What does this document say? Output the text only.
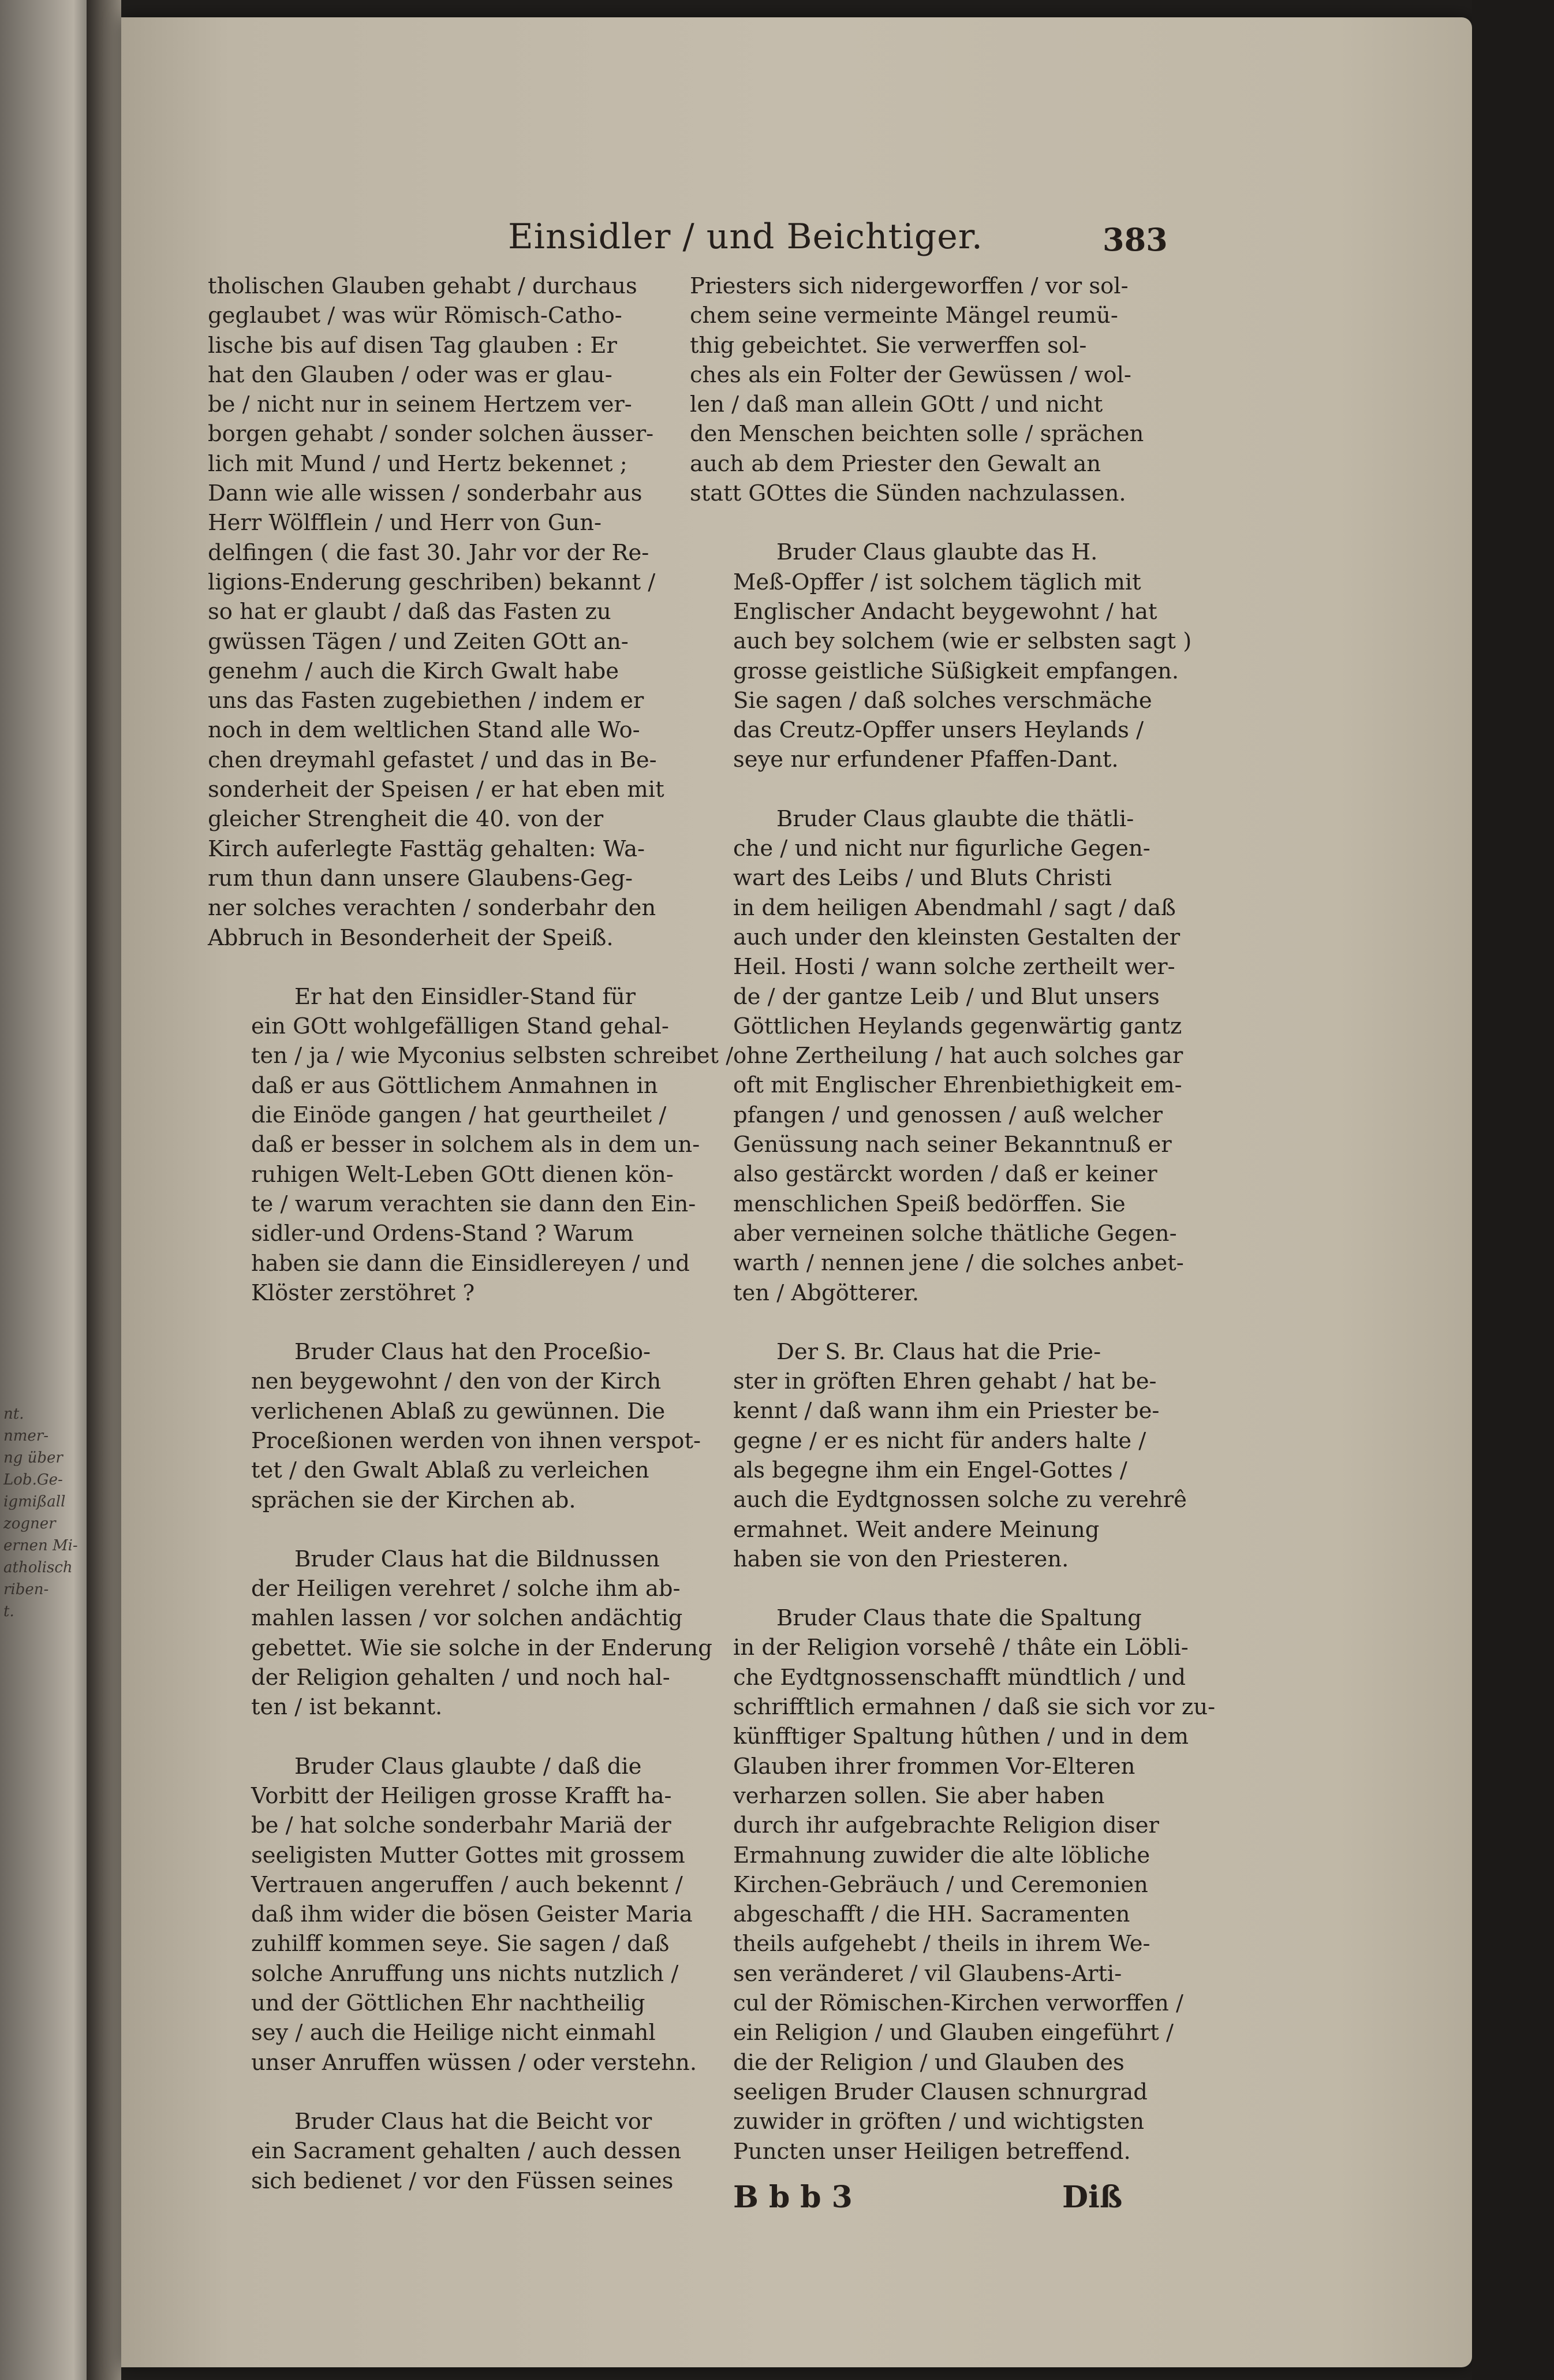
nt.
nmer-
ng über
Lob.Ge-
igmißall
zogner
ernen Mi-
atholisch
riben-
t.
Einsidler / und Beichtiger.	383
tholischen Glauben gehabt / durchaus
geglaubet / was wür Römisch-Catho-
lische bis auf disen Tag glauben : Er
hat den Glauben / oder was er glau-
be / nicht nur in seinem Hertzem ver-
borgen gehabt / sonder solchen äusser-
lich mit Mund / und Hertz bekennet ;
Dann wie alle wissen / sonderbahr aus
Herr Wölfflein / und Herr von Gun-
delfingen ( die fast 30. Jahr vor der Re-
ligions-Enderung geschriben) bekannt /
so hat er glaubt / daß das Fasten zu
gwüssen Tägen / und Zeiten GOtt an-
genehm / auch die Kirch Gwalt habe
uns das Fasten zugebiethen / indem er
noch in dem weltlichen Stand alle Wo-
chen dreymahl gefastet / und das in Be-
sonderheit der Speisen / er hat eben mit
gleicher Strengheit die 40. von der
Kirch auferlegte Fasttäg gehalten: Wa-
rum thun dann unsere Glaubens-Geg-
ner solches verachten / sonderbahr den
Abbruch in Besonderheit der Speiß.
Er hat den Einsidler-Stand für
ein GOtt wohlgefälligen Stand gehal-
ten / ja / wie Myconius selbsten schreibet /
daß er aus Göttlichem Anmahnen in
die Einöde gangen / hat geurtheilet /
daß er besser in solchem als in dem un-
ruhigen Welt-Leben GOtt dienen kön-
te / warum verachten sie dann den Ein-
sidler-und Ordens-Stand ? Warum
haben sie dann die Einsidlereyen / und
Klöster zerstöhret ?
Bruder Claus hat den Proceßio-
nen beygewohnt / den von der Kirch
verlichenen Ablaß zu gewünnen. Die
Proceßionen werden von ihnen verspot-
tet / den Gwalt Ablaß zu verleichen
sprächen sie der Kirchen ab.
Bruder Claus hat die Bildnussen
der Heiligen verehret / solche ihm ab-
mahlen lassen / vor solchen andächtig
gebettet. Wie sie solche in der Enderung
der Religion gehalten / und noch hal-
ten / ist bekannt.
Bruder Claus glaubte / daß die
Vorbitt der Heiligen grosse Krafft ha-
be / hat solche sonderbahr Mariä der
seeligisten Mutter Gottes mit grossem
Vertrauen angeruffen / auch bekennt /
daß ihm wider die bösen Geister Maria
zuhilff kommen seye. Sie sagen / daß
solche Anruffung uns nichts nutzlich /
und der Göttlichen Ehr nachtheilig
sey / auch die Heilige nicht einmahl
unser Anruffen wüssen / oder verstehn.
Bruder Claus hat die Beicht vor
ein Sacrament gehalten / auch dessen
sich bedienet / vor den Füssen seines
Priesters sich nidergeworffen / vor sol-
chem seine vermeinte Mängel reumü-
thig gebeichtet. Sie verwerffen sol-
ches als ein Folter der Gewüssen / wol-
len / daß man allein GOtt / und nicht
den Menschen beichten solle / sprächen
auch ab dem Priester den Gewalt an
statt GOttes die Sünden nachzulassen.
Bruder Claus glaubte das H.
Meß-Opffer / ist solchem täglich mit
Englischer Andacht beygewohnt / hat
auch bey solchem (wie er selbsten sagt )
grosse geistliche Süßigkeit empfangen.
Sie sagen / daß solches verschmäche
das Creutz-Opffer unsers Heylands /
seye nur erfundener Pfaffen-Dant.
Bruder Claus glaubte die thätli-
che / und nicht nur figurliche Gegen-
wart des Leibs / und Bluts Christi
in dem heiligen Abendmahl / sagt / daß
auch under den kleinsten Gestalten der
Heil. Hosti / wann solche zertheilt wer-
de / der gantze Leib / und Blut unsers
Göttlichen Heylands gegenwärtig gantz
ohne Zertheilung / hat auch solches gar
oft mit Englischer Ehrenbiethigkeit em-
pfangen / und genossen / auß welcher
Genüssung nach seiner Bekanntnuß er
also gestärckt worden / daß er keiner
menschlichen Speiß bedörffen. Sie
aber verneinen solche thätliche Gegen-
warth / nennen jene / die solches anbet-
ten / Abgötterer.
Der S. Br. Claus hat die Prie-
ster in gröften Ehren gehabt / hat be-
kennt / daß wann ihm ein Priester be-
gegne / er es nicht für anders halte /
als begegne ihm ein Engel-Gottes /
auch die Eydtgnossen solche zu verehrê
ermahnet. Weit andere Meinung
haben sie von den Priesteren.
Bruder Claus thate die Spaltung
in der Religion vorsehê / thâte ein Löbli-
che Eydtgnossenschafft mündtlich / und
schrifftlich ermahnen / daß sie sich vor zu-
künfftiger Spaltung hûthen / und in dem
Glauben ihrer frommen Vor-Elteren
verharzen sollen. Sie aber haben
durch ihr aufgebrachte Religion diser
Ermahnung zuwider die alte löbliche
Kirchen-Gebräuch / und Ceremonien
abgeschafft / die HH. Sacramenten
theils aufgehebt / theils in ihrem We-
sen veränderet / vil Glaubens-Arti-
cul der Römischen-Kirchen verworffen /
ein Religion / und Glauben eingeführt /
die der Religion / und Glauben des
seeligen Bruder Clausen schnurgrad
zuwider in gröften / und wichtigsten
Puncten unser Heiligen betreffend.
Bbb3	Diß
